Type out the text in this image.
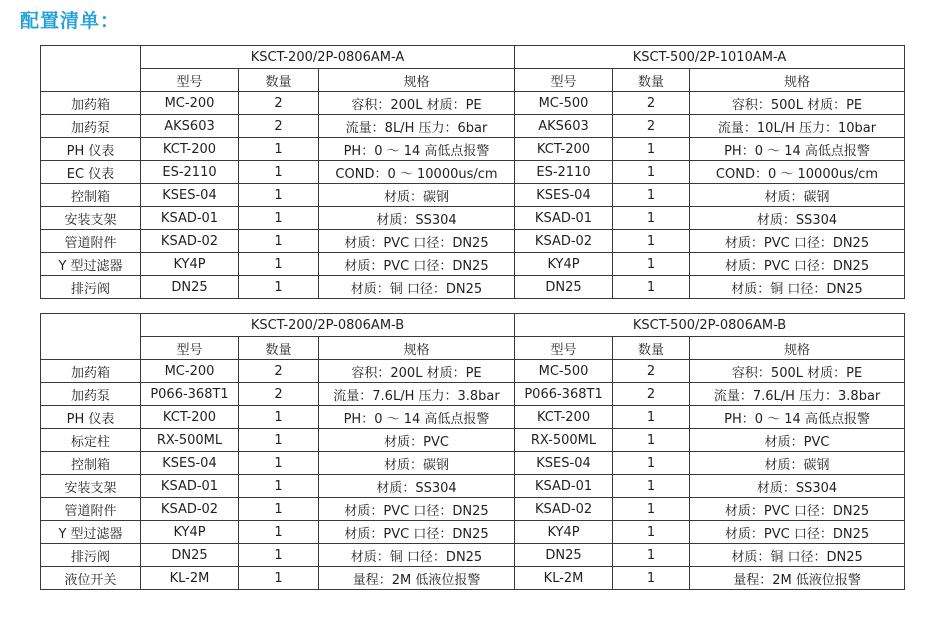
配置清单：
	KSCT-200/2P-0806AM-A			KSCT-500/2P-1010AM-A		
	型号	数量	规格	型号	数量	规格
加药箱	MC-200	2	容积：200L 材质：PE	MC-500	2	容积：500L 材质：PE
加药泵	AKS603	2	流量：8L/H 压力：6bar	AKS603	2	流量：10L/H 压力：10bar
PH 仪表	KCT-200	1	PH：0 ～ 14 高低点报警	KCT-200	1	PH：0 ～ 14 高低点报警
EC 仪表	ES-2110	1	COND：0 ～ 10000us/cm	ES-2110	1	COND：0 ～ 10000us/cm
控制箱	KSES-04	1	材质：碳钢	KSES-04	1	材质：碳钢
安装支架	KSAD-01	1	材质：SS304	KSAD-01	1	材质：SS304
管道附件	KSAD-02	1	材质：PVC 口径：DN25	KSAD-02	1	材质：PVC 口径：DN25
Y 型过滤器	KY4P	1	材质：PVC 口径：DN25	KY4P	1	材质：PVC 口径：DN25
排污阀	DN25	1	材质：铜 口径：DN25	DN25	1	材质：铜 口径：DN25
	KSCT-200/2P-0806AM-B			KSCT-500/2P-0806AM-B		
	型号	数量	规格	型号	数量	规格
加药箱	MC-200	2	容积：200L 材质：PE	MC-500	2	容积：500L 材质：PE
加药泵	P066-368T1	2	流量：7.6L/H 压力：3.8bar	P066-368T1	2	流量：7.6L/H 压力：3.8bar
PH 仪表	KCT-200	1	PH：0 ～ 14 高低点报警	KCT-200	1	PH：0 ～ 14 高低点报警
标定柱	RX-500ML	1	材质：PVC	RX-500ML	1	材质：PVC
控制箱	KSES-04	1	材质：碳钢	KSES-04	1	材质：碳钢
安装支架	KSAD-01	1	材质：SS304	KSAD-01	1	材质：SS304
管道附件	KSAD-02	1	材质：PVC 口径：DN25	KSAD-02	1	材质：PVC 口径：DN25
Y 型过滤器	KY4P	1	材质：PVC 口径：DN25	KY4P	1	材质：PVC 口径：DN25
排污阀	DN25	1	材质：铜 口径：DN25	DN25	1	材质：铜 口径：DN25
液位开关	KL-2M	1	量程：2M 低液位报警	KL-2M	1	量程：2M 低液位报警
